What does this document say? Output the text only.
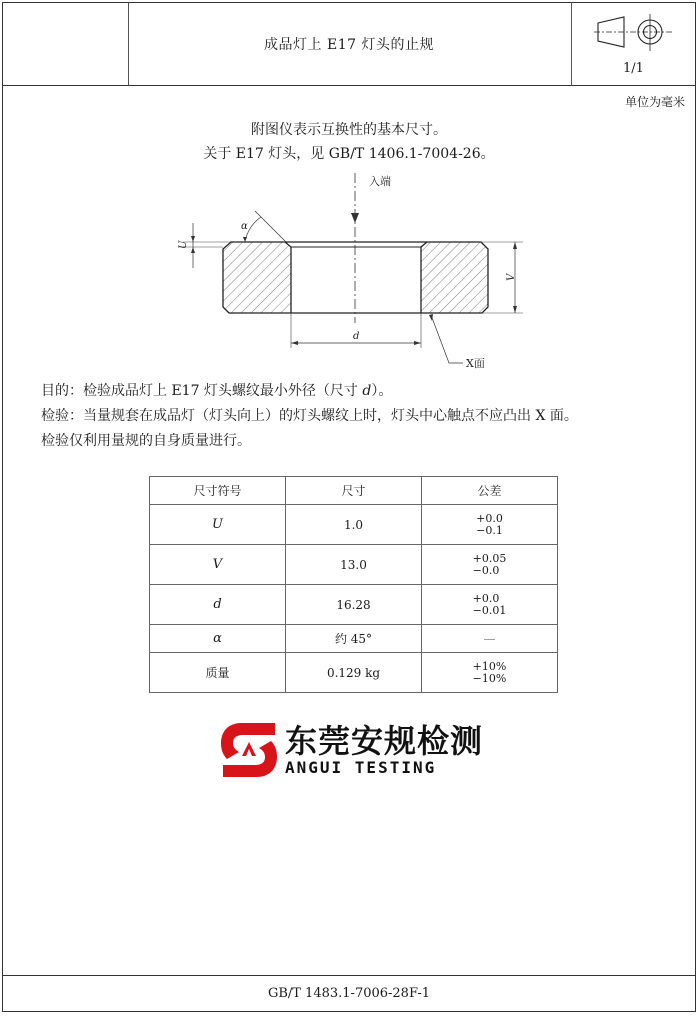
成品灯上 E17 灯头的止规
1/1
单位为毫米
附图仪表示互换性的基本尺寸。
关于 E17 灯头，见 GB/T 1406.1-7004-26。
入端
α
U
V
d
X面
目的：检验成品灯上 E17 灯头螺纹最小外径（尺寸 d）。
检验：当量规套在成品灯（灯头向上）的灯头螺纹上时，灯头中心触点不应凸出 X 面。
检验仅利用量规的自身质量进行。
尺寸符号	尺寸	公差
U	1.0	+0.0
−0.1
V	13.0	+0.05
−0.0
d	16.28	+0.0
−0.01
α	约 45°	—
质量	0.129 kg	+10%
−10%
东莞安规检测
ANGUI TESTING
GB/T 1483.1-7006-28F-1
